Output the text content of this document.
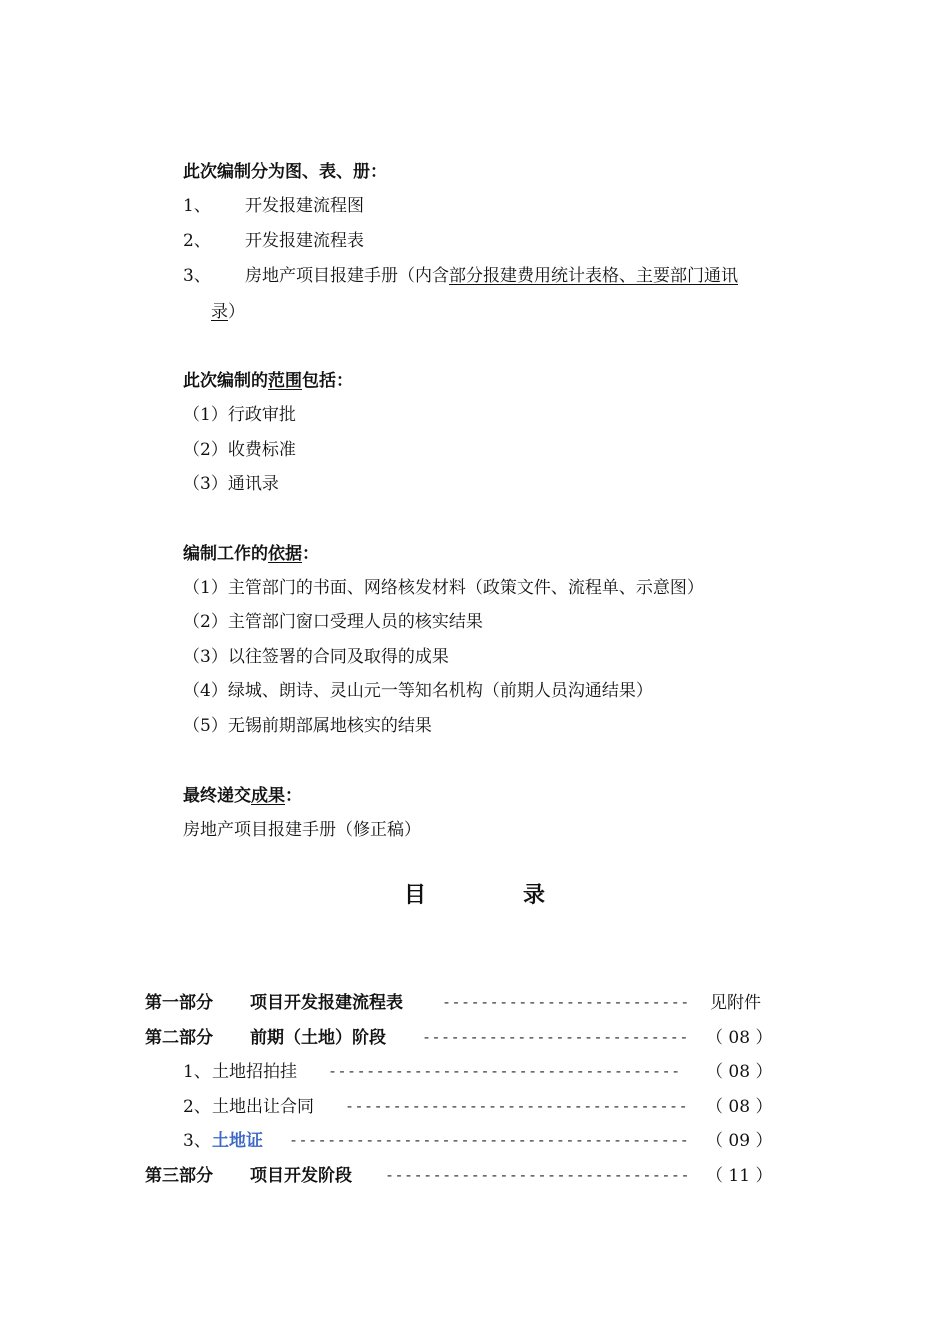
此次编制分为图、表、册：
1、 开发报建流程图
2、 开发报建流程表
3、 房地产项目报建手册（内含部分报建费用统计表格、主要部门通讯
录）
此次编制的范围包括：
（1）行政审批
（2）收费标准
（3）通讯录
编制工作的依据：
（1）主管部门的书面、网络核发材料（政策文件、流程单、示意图）
（2）主管部门窗口受理人员的核实结果
（3）以往签署的合同及取得的成果
（4）绿城、朗诗、灵山元一等知名机构（前期人员沟通结果）
（5）无锡前期部属地核实的结果
最终递交成果：
房地产项目报建手册（修正稿）
目	录
第一部分 项目开发报建流程表	-------------------------- 见附件
第二部分 前期（土地）阶段 ---------------------------- （ 08 ）
1、 土地招拍挂 -------------------------------------	（ 08 ）
2、 土地出让合同 ------------------------------------ （ 08 ）
3、 土地证 ------------------------------------------ （ 09 ）
第三部分 项目开发阶段 -------------------------------- （ 11 ）
